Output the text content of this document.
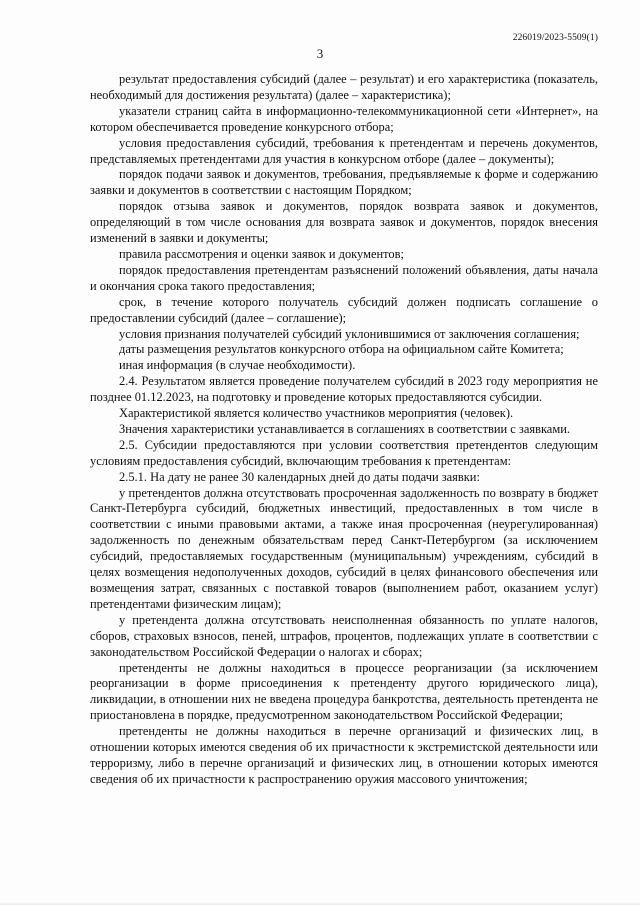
226019/2023-5509(1)
3

результат предоставления субсидий (далее – результат) и его характеристика (показатель, необходимый для достижения результата) (далее – характеристика);

указатели страниц сайта в информационно-телекоммуникационной сети «Интернет», на котором обеспечивается проведение конкурсного отбора;

условия предоставления субсидий, требования к претендентам и перечень документов, представляемых претендентами для участия в конкурсном отборе (далее – документы);

порядок подачи заявок и документов, требования, предъявляемые к форме и содержанию заявки и документов в соответствии с настоящим Порядком;

порядок отзыва заявок и документов, порядок возврата заявок и документов, определяющий в том числе основания для возврата заявок и документов, порядок внесения изменений в заявки и документы;

правила рассмотрения и оценки заявок и документов;

порядок предоставления претендентам разъяснений положений объявления, даты начала и окончания срока такого предоставления;

срок, в течение которого получатель субсидий должен подписать соглашение о предоставлении субсидий (далее – соглашение);

условия признания получателей субсидий уклонившимися от заключения соглашения;

даты размещения результатов конкурсного отбора на официальном сайте Комитета;

иная информация (в случае необходимости).

2.4. Результатом является проведение получателем субсидий в 2023 году мероприятия не позднее 01.12.2023, на подготовку и проведение которых предоставляются субсидии.

Характеристикой является количество участников мероприятия (человек).

Значения характеристики устанавливается в соглашениях в соответствии с заявками.

2.5. Субсидии предоставляются при условии соответствия претендентов следующим условиям предоставления субсидий, включающим требования к претендентам:

2.5.1. На дату не ранее 30 календарных дней до даты подачи заявки:

у претендентов должна отсутствовать просроченная задолженность по возврату в бюджет Санкт-Петербурга субсидий, бюджетных инвестиций, предоставленных в том числе в соответствии с иными правовыми актами, а также иная просроченная (неурегулированная) задолженность по денежным обязательствам перед Санкт-Петербургом (за исключением субсидий, предоставляемых государственным (муниципальным) учреждениям, субсидий в целях возмещения недополученных доходов, субсидий в целях финансового обеспечения или возмещения затрат, связанных с поставкой товаров (выполнением работ, оказанием услуг) претендентами физическим лицам);

у претендента должна отсутствовать неисполненная обязанность по уплате налогов, сборов, страховых взносов, пеней, штрафов, процентов, подлежащих уплате в соответствии с законодательством Российской Федерации о налогах и сборах;

претенденты не должны находиться в процессе реорганизации (за исключением реорганизации в форме присоединения к претенденту другого юридического лица), ликвидации, в отношении них не введена процедура банкротства, деятельность претендента не приостановлена в порядке, предусмотренном законодательством Российской Федерации;

претенденты не должны находиться в перечне организаций и физических лиц, в отношении которых имеются сведения об их причастности к экстремистской деятельности или терроризму, либо в перечне организаций и физических лиц, в отношении которых имеются сведения об их причастности к распространению оружия массового уничтожения;
